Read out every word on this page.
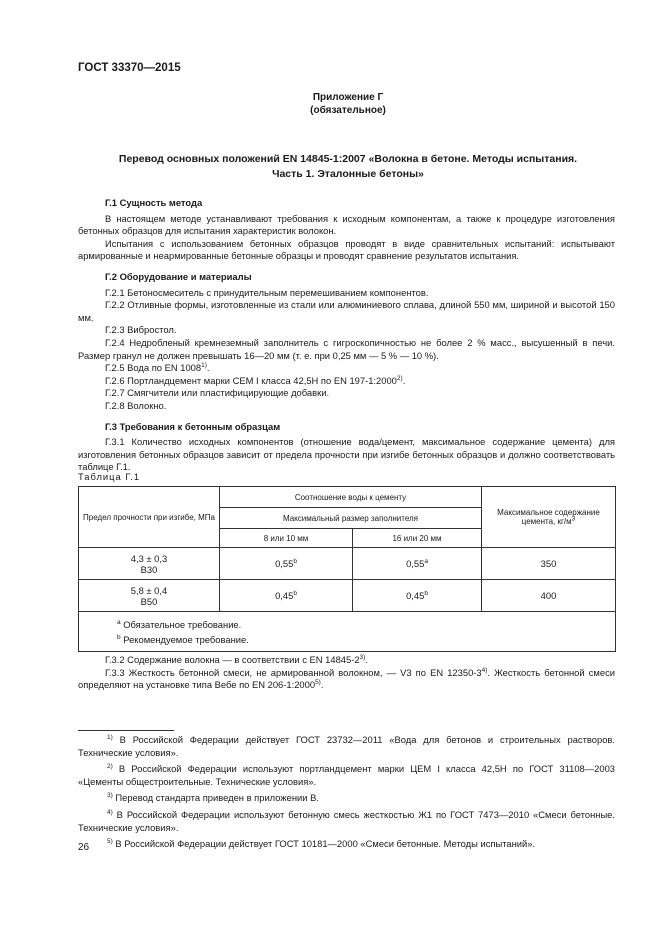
ГОСТ 33370—2015
Приложение Г
(обязательное)
Перевод основных положений EN 14845-1:2007 «Волокна в бетоне. Методы испытания.
Часть 1. Эталонные бетоны»

Г.1 Сущность метода

В настоящем методе устанавливают требования к исходным компонентам, а также к процедуре изготовления бетонных образцов для испытания характеристик волокон.

Испытания с использованием бетонных образцов проводят в виде сравнительных испытаний: испытывают армированные и неармированные бетонные образцы и проводят сравнение результатов испытания.

Г.2 Оборудование и материалы

Г.2.1 Бетоносмеситель с принудительным перемешиванием компонентов.

Г.2.2 Отливные формы, изготовленные из стали или алюминиевого сплава, длиной 550 мм, шириной и высотой 150 мм.

Г.2.3 Вибростол.

Г.2.4 Недробленый кремнеземный заполнитель с гигроскопичностью не более 2 % масс., высушенный в печи. Размер гранул не должен превышать 16—20 мм (т. е. при 0,25 мм — 5 % — 10 %).

Г.2.5 Вода по EN 1008$^{1)}$.

Г.2.6 Портландцемент марки CEM I класса 42,5H по EN 197-1:2000$^{2)}$.

Г.2.7 Смягчители или пластифицирующие добавки.

Г.2.8 Волокно.

Г.3 Требования к бетонным образцам

Г.3.1 Количество исходных компонентов (отношение вода/цемент, максимальное содержание цемента) для изготовления бетонных образцов зависит от предела прочности при изгибе бетонных образцов и должно соответствовать таблице Г.1.

Таблица Г.1
Предел прочности при изгибе, МПа	Соотношение воды к цементу		Максимальное содержание цемента, $кг/м^3$
	Максимальный размер заполнителя		
	8 или 10 мм	16 или 20 мм	

4,3 ± 0,3
B30	0,55$^b$	0,55$^a$	350

5,8 ± 0,4
B50	0,45$^b$	0,45$^b$	400

$^a$ Обязательное требование.
$^b$ Рекомендуемое требование.			

Г.3.2 Содержание волокна — в соответствии с EN 14845-2$^{3)}$.

Г.3.3 Жесткость бетонной смеси, не армированной волокном, — V3 по EN 12350-3$^{4)}$. Жесткость бетонной смеси определяют на установке типа Вебе по EN 206-1:2000$^{5)}$.

$^{1)}$ В Российской Федерации действует ГОСТ 23732—2011 «Вода для бетонов и строительных растворов. Технические условия».

$^{2)}$ В Российской Федерации используют портландцемент марки ЦЕМ I класса 42,5H по ГОСТ 31108—2003 «Цементы общестроительные. Технические условия».

$^{3)}$ Перевод стандарта приведен в приложении В.

$^{4)}$ В Российской Федерации используют бетонную смесь жесткостью Ж1 по ГОСТ 7473—2010 «Смеси бетонные. Технические условия».

$^{5)}$ В Российской Федерации действует ГОСТ 10181—2000 «Смеси бетонные. Методы испытаний».

26
